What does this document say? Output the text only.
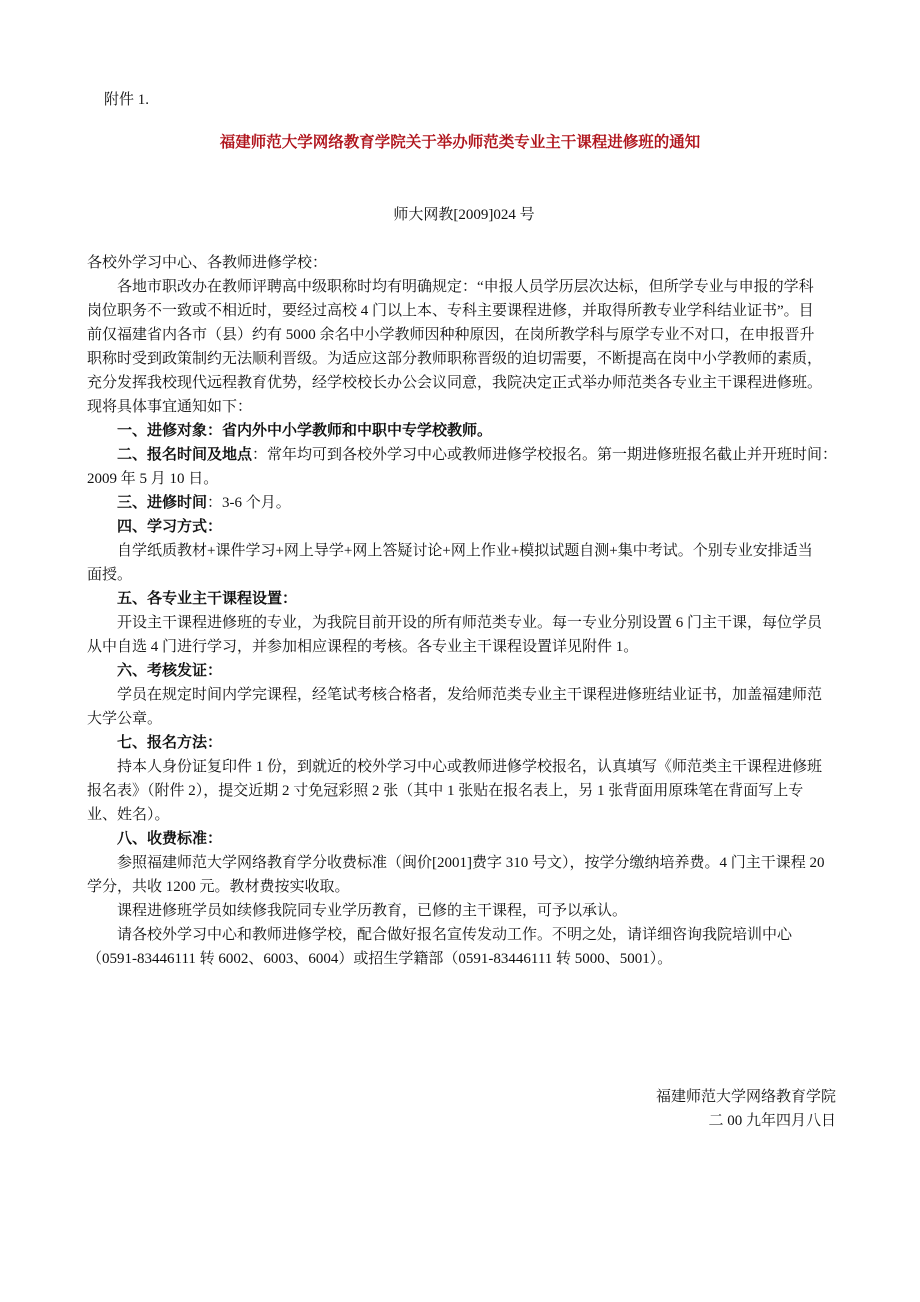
附件 1.
福建师范大学网络教育学院关于举办师范类专业主干课程进修班的通知
师大网教[2009]024 号
各校外学习中心、各教师进修学校：
各地市职改办在教师评聘高中级职称时均有明确规定：“申报人员学历层次达标，但所学专业与申报的学科
岗位职务不一致或不相近时，要经过高校 4 门以上本、专科主要课程进修，并取得所教专业学科结业证书”。目
前仅福建省内各市（县）约有 5000 余名中小学教师因种种原因，在岗所教学科与原学专业不对口，在申报晋升
职称时受到政策制约无法顺利晋级。为适应这部分教师职称晋级的迫切需要，不断提高在岗中小学教师的素质，
充分发挥我校现代远程教育优势，经学校校长办公会议同意，我院决定正式举办师范类各专业主干课程进修班。
现将具体事宜通知如下：
一、进修对象：省内外中小学教师和中职中专学校教师。
二、报名时间及地点：常年均可到各校外学习中心或教师进修学校报名。第一期进修班报名截止并开班时间：
2009 年 5 月 10 日。
三、进修时间：3-6 个月。
四、学习方式：
自学纸质教材+课件学习+网上导学+网上答疑讨论+网上作业+模拟试题自测+集中考试。个别专业安排适当
面授。
五、各专业主干课程设置：
开设主干课程进修班的专业，为我院目前开设的所有师范类专业。每一专业分别设置 6 门主干课，每位学员
从中自选 4 门进行学习，并参加相应课程的考核。各专业主干课程设置详见附件 1。
六、考核发证：
学员在规定时间内学完课程，经笔试考核合格者，发给师范类专业主干课程进修班结业证书，加盖福建师范
大学公章。
七、报名方法：
持本人身份证复印件 1 份，到就近的校外学习中心或教师进修学校报名，认真填写《师范类主干课程进修班
报名表》（附件 2），提交近期 2 寸免冠彩照 2 张（其中 1 张贴在报名表上，另 1 张背面用原珠笔在背面写上专
业、姓名）。
八、收费标准：
参照福建师范大学网络教育学分收费标准（闽价[2001]费字 310 号文），按学分缴纳培养费。4 门主干课程 20
学分，共收 1200 元。教材费按实收取。
课程进修班学员如续修我院同专业学历教育，已修的主干课程，可予以承认。
请各校外学习中心和教师进修学校，配合做好报名宣传发动工作。不明之处，请详细咨询我院培训中心
（0591-83446111 转 6002、6003、6004）或招生学籍部（0591-83446111 转 5000、5001）。
福建师范大学网络教育学院
二 00 九年四月八日
